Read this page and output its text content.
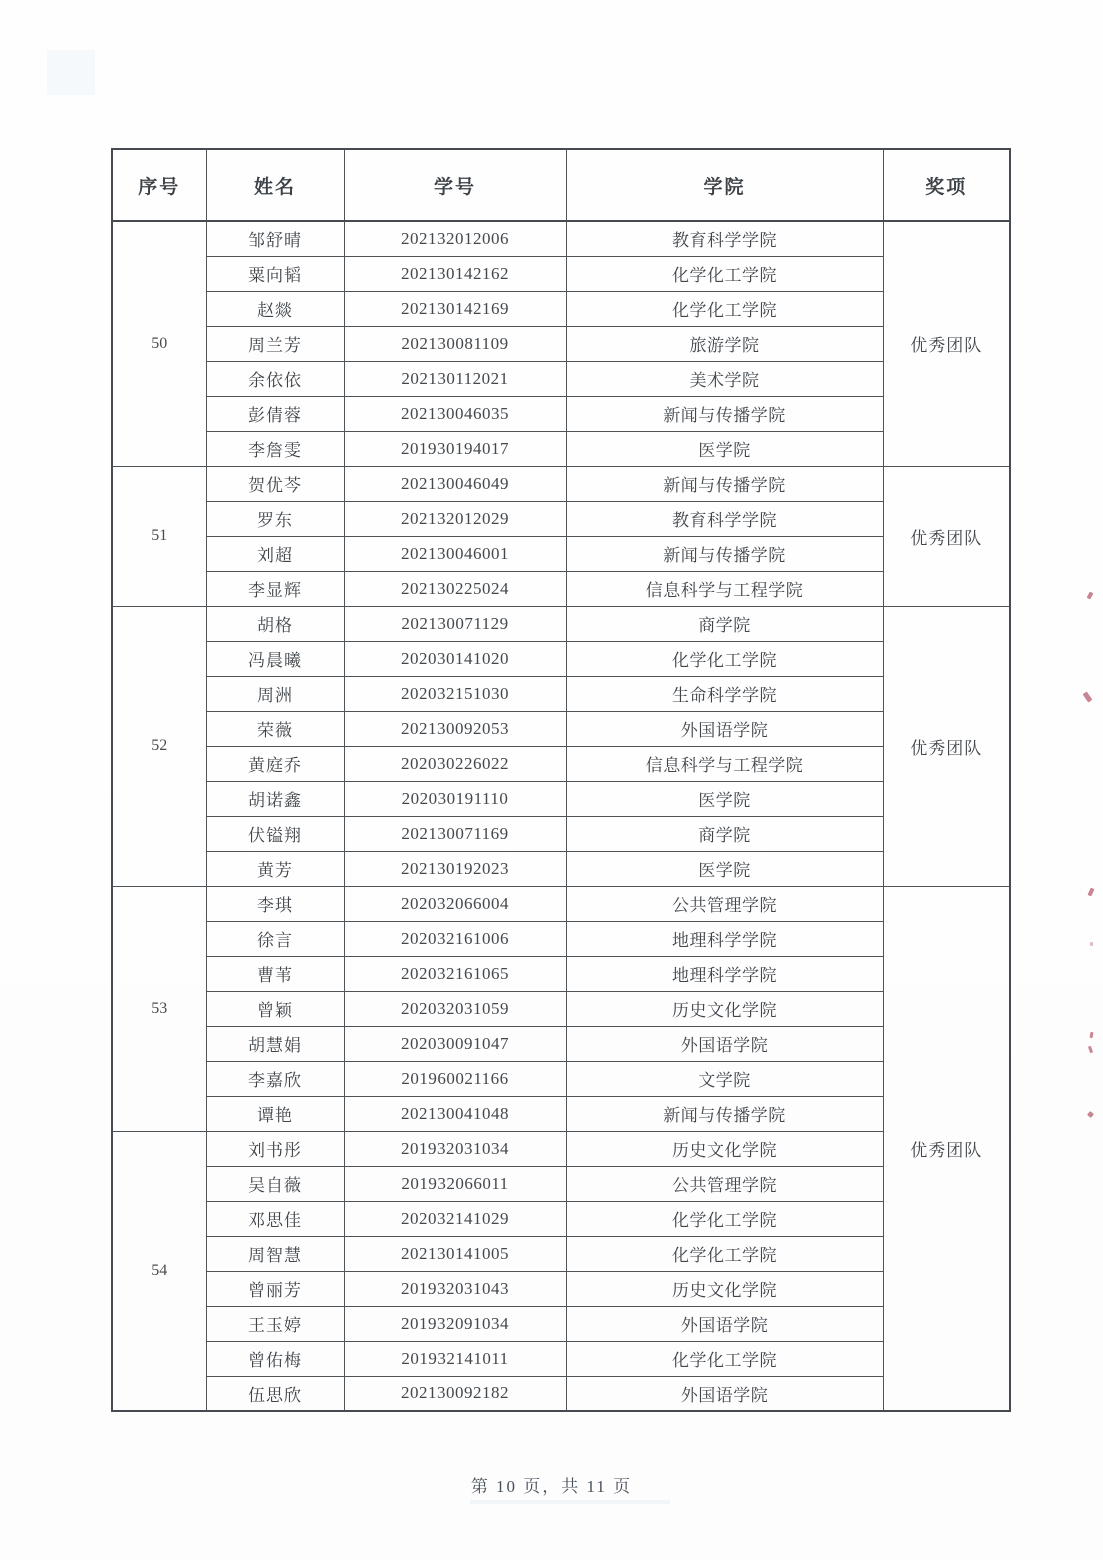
序号	姓名	学号	学院	奖项
50	邹舒晴	202132012006	教育科学学院	优秀团队
	粟向韬	202130142162	化学化工学院	
	赵燚	202130142169	化学化工学院	
	周兰芳	202130081109	旅游学院	
	余依依	202130112021	美术学院	
	彭倩蓉	202130046035	新闻与传播学院	
	李詹雯	201930194017	医学院	
51	贺优芩	202130046049	新闻与传播学院	优秀团队
	罗东	202132012029	教育科学学院	
	刘超	202130046001	新闻与传播学院	
	李显辉	202130225024	信息科学与工程学院	
52	胡格	202130071129	商学院	优秀团队
	冯晨曦	202030141020	化学化工学院	
	周洲	202032151030	生命科学学院	
	荣薇	202130092053	外国语学院	
	黄庭乔	202030226022	信息科学与工程学院	
	胡诺鑫	202030191110	医学院	
	伏镒翔	202130071169	商学院	
	黄芳	202130192023	医学院	
53	李琪	202032066004	公共管理学院	优秀团队
	徐言	202032161006	地理科学学院	
	曹苇	202032161065	地理科学学院	
	曾颖	202032031059	历史文化学院	
	胡慧娟	202030091047	外国语学院	
	李嘉欣	201960021166	文学院	
	谭艳	202130041048	新闻与传播学院	
54	刘书彤	201932031034	历史文化学院	
	吴自薇	201932066011	公共管理学院	
	邓思佳	202032141029	化学化工学院	
	周智慧	202130141005	化学化工学院	
	曾丽芳	201932031043	历史文化学院	
	王玉婷	201932091034	外国语学院	
	曾佑梅	201932141011	化学化工学院	
	伍思欣	202130092182	外国语学院	
第 10 页，共 11 页
